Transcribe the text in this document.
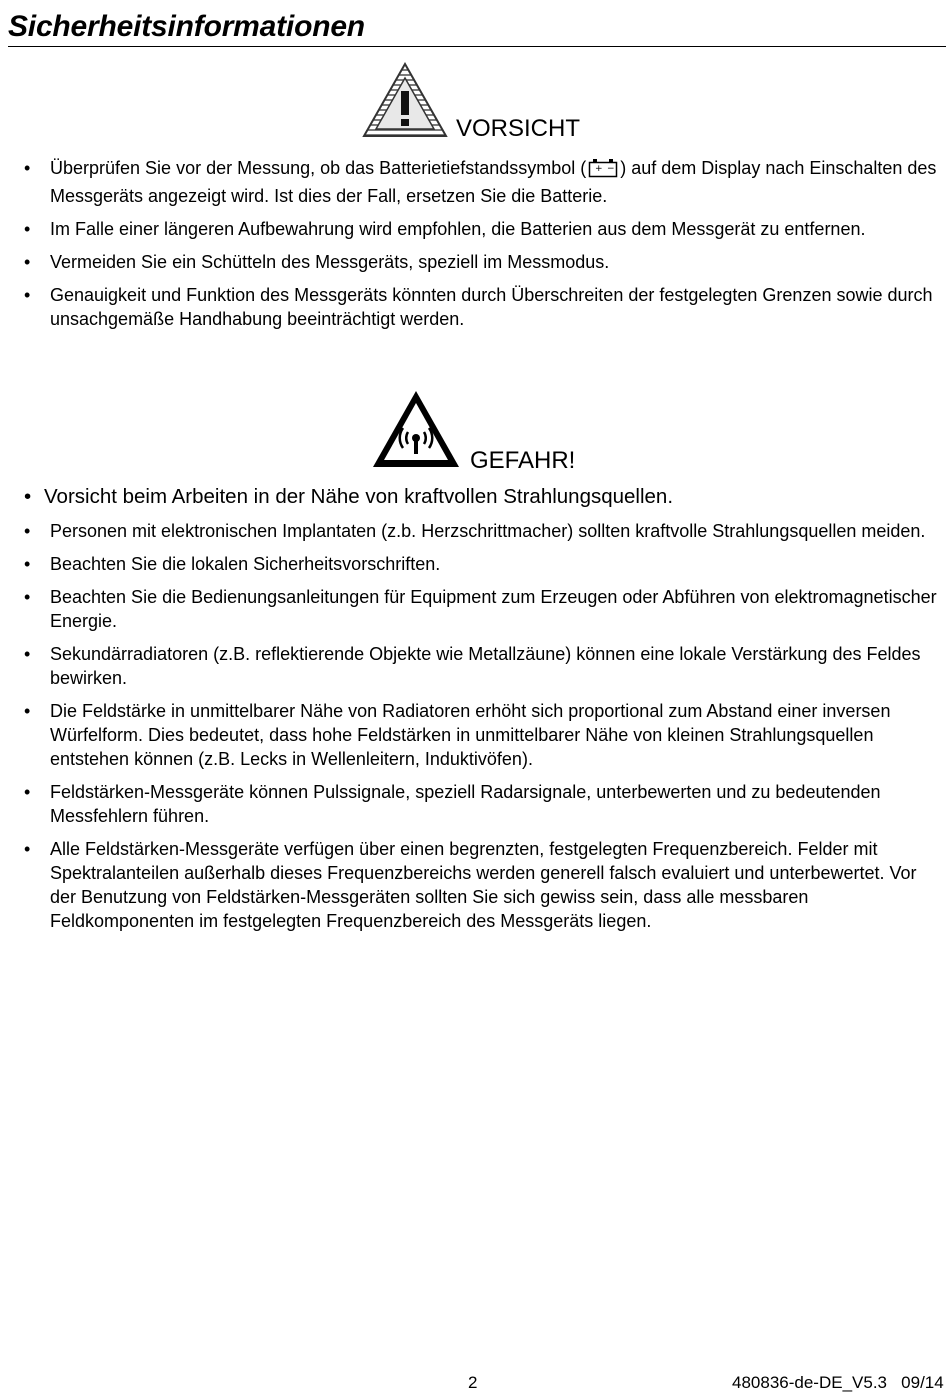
Sicherheitsinformationen
VORSICHT
•	Überprüfen Sie vor der Messung, ob das Batterietiefstandssymbol ( + − ) auf dem Display nach Einschalten des Messgeräts angezeigt wird. Ist dies der Fall, ersetzen Sie die Batterie.
•	Im Falle einer längeren Aufbewahrung wird empfohlen, die Batterien aus dem Messgerät zu entfernen.
•	Vermeiden Sie ein Schütteln des Messgeräts, speziell im Messmodus.
•	Genauigkeit und Funktion des Messgeräts könnten durch Überschreiten der festgelegten Grenzen sowie durch unsachgemäße Handhabung beeinträchtigt werden.
GEFAHR!
• Vorsicht beim Arbeiten in der Nähe von kraftvollen Strahlungsquellen.
•	Personen mit elektronischen Implantaten (z.b. Herzschrittmacher) sollten kraftvolle Strahlungsquellen meiden.
•	Beachten Sie die lokalen Sicherheitsvorschriften.
•	Beachten Sie die Bedienungsanleitungen für Equipment zum Erzeugen oder Abführen von elektromagnetischer Energie.
•	Sekundärradiatoren (z.B. reflektierende Objekte wie Metallzäune) können eine lokale Verstärkung des Feldes bewirken.
•	Die Feldstärke in unmittelbarer Nähe von Radiatoren erhöht sich proportional zum Abstand einer inversen Würfelform. Dies bedeutet, dass hohe Feldstärken in unmittelbarer Nähe von kleinen Strahlungsquellen entstehen können (z.B. Lecks in Wellenleitern, Induktivöfen).
•	Feldstärken-Messgeräte können Pulssignale, speziell Radarsignale, unterbewerten und zu bedeutenden Messfehlern führen.
•	Alle Feldstärken-Messgeräte verfügen über einen begrenzten, festgelegten Frequenzbereich. Felder mit Spektralanteilen außerhalb dieses Frequenzbereichs werden generell falsch evaluiert und unterbewertet. Vor der Benutzung von Feldstärken-Messgeräten sollten Sie sich gewiss sein, dass alle messbaren Feldkomponenten im festgelegten Frequenzbereich des Messgeräts liegen.
2	480836-de-DE_V5.3   09/14
